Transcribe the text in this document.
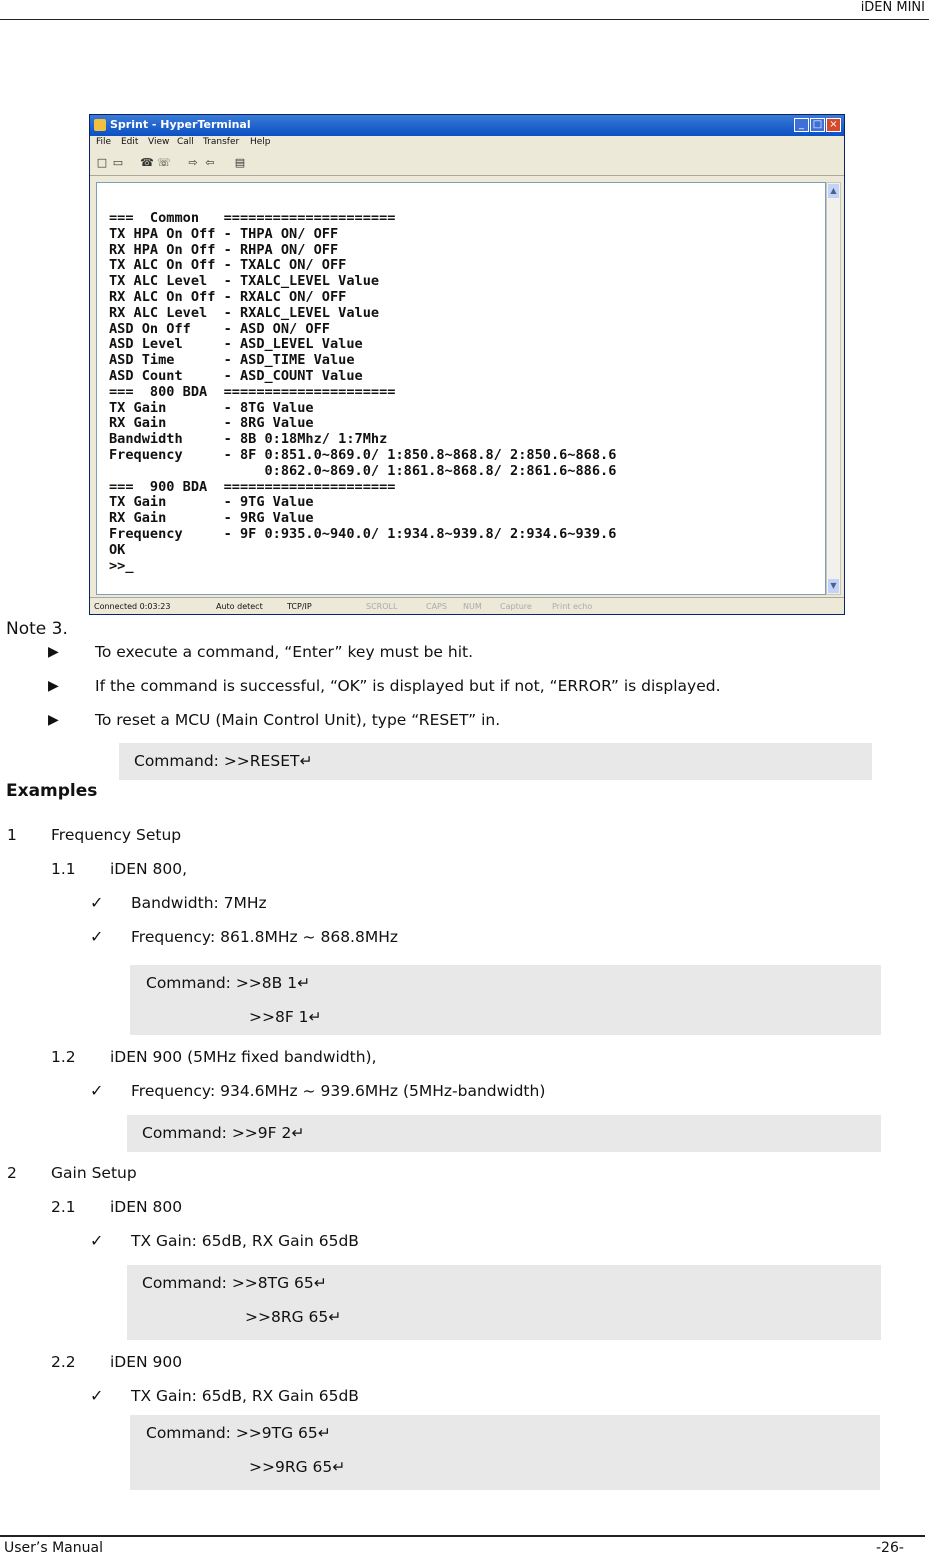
iDEN MINI
Sprint - HyperTerminal	_ □ ×
File Edit View Call Transfer Help
□ ▭ ☎ ☏ ⇨ ⇦ ▤
===  Common   =====================
TX HPA On Off - THPA ON/ OFF
RX HPA On Off - RHPA ON/ OFF
TX ALC On Off - TXALC ON/ OFF
TX ALC Level  - TXALC_LEVEL Value
RX ALC On Off - RXALC ON/ OFF
RX ALC Level  - RXALC_LEVEL Value
ASD On Off    - ASD ON/ OFF
ASD Level     - ASD_LEVEL Value
ASD Time      - ASD_TIME Value
ASD Count     - ASD_COUNT Value
===  800 BDA  =====================
TX Gain       - 8TG Value
RX Gain       - 8RG Value
Bandwidth     - 8B 0:18Mhz/ 1:7Mhz
Frequency     - 8F 0:851.0~869.0/ 1:850.8~868.8/ 2:850.6~868.6
0:862.0~869.0/ 1:861.8~868.8/ 2:861.6~886.6
===  900 BDA  =====================
TX Gain       - 9TG Value
RX Gain       - 9RG Value
Frequency     - 9F 0:935.0~940.0/ 1:934.8~939.8/ 2:934.6~939.6
OK
>>_
▲
▼
Connected 0:03:23	Auto detect	TCP/IP	SCROLL	CAPS NUM Capture	Print echo
Note 3.
▶ To execute a command, “Enter” key must be hit.
▶ If the command is successful, “OK” is displayed but if not, “ERROR” is displayed.
▶ To reset a MCU (Main Control Unit), type “RESET” in.
Command: >>RESET↵
Examples
1 Frequency Setup
1.1 iDEN 800,
✓ Bandwidth: 7MHz
✓ Frequency: 861.8MHz ~ 868.8MHz
Command: >>8B 1↵
>>8F 1↵
1.2 iDEN 900 (5MHz fixed bandwidth),
✓ Frequency: 934.6MHz ~ 939.6MHz (5MHz-bandwidth)
Command: >>9F 2↵
2 Gain Setup
2.1 iDEN 800
✓ TX Gain: 65dB, RX Gain 65dB
Command: >>8TG 65↵
>>8RG 65↵
2.2 iDEN 900
✓ TX Gain: 65dB, RX Gain 65dB
Command: >>9TG 65↵
>>9RG 65↵
User’s Manual	-26-
